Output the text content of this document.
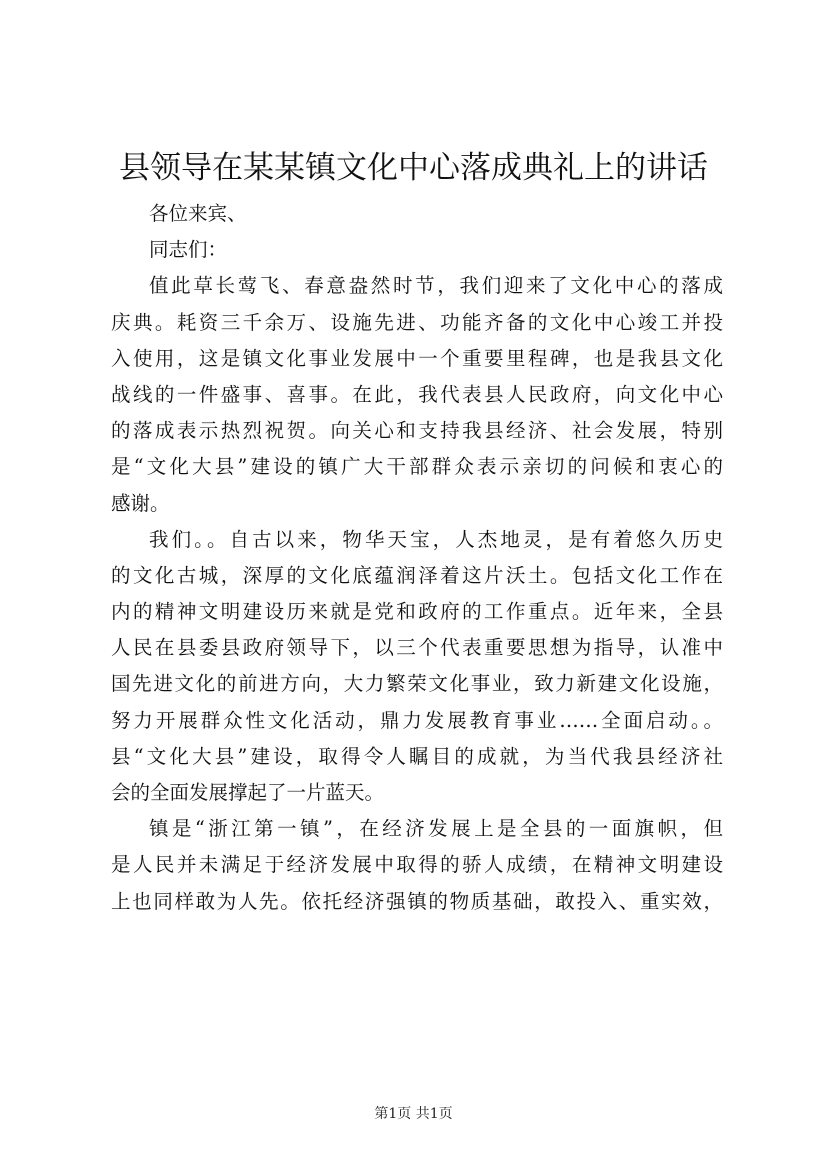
县领导在某某镇文化中心落成典礼上的讲话
各位来宾、
同志们：
值此草长莺飞、春意盎然时节，我们迎来了文化中心的落成
庆典。耗资三千余万、设施先进、功能齐备的文化中心竣工并投
入使用，这是镇文化事业发展中一个重要里程碑，也是我县文化
战线的一件盛事、喜事。在此，我代表县人民政府，向文化中心
的落成表示热烈祝贺。向关心和支持我县经济、社会发展，特别
是“文化大县”建设的镇广大干部群众表示亲切的问候和衷心的
感谢。
我们。。自古以来，物华天宝，人杰地灵，是有着悠久历史
的文化古城，深厚的文化底蕴润泽着这片沃土。包括文化工作在
内的精神文明建设历来就是党和政府的工作重点。近年来，全县
人民在县委县政府领导下，以三个代表重要思想为指导，认准中
国先进文化的前进方向，大力繁荣文化事业，致力新建文化设施，
努力开展群众性文化活动，鼎力发展教育事业……全面启动。。
县“文化大县”建设，取得令人瞩目的成就，为当代我县经济社
会的全面发展撑起了一片蓝天。
镇是“浙江第一镇”，在经济发展上是全县的一面旗帜，但
是人民并未满足于经济发展中取得的骄人成绩，在精神文明建设
上也同样敢为人先。依托经济强镇的物质基础，敢投入、重实效，
第1页 共1页
